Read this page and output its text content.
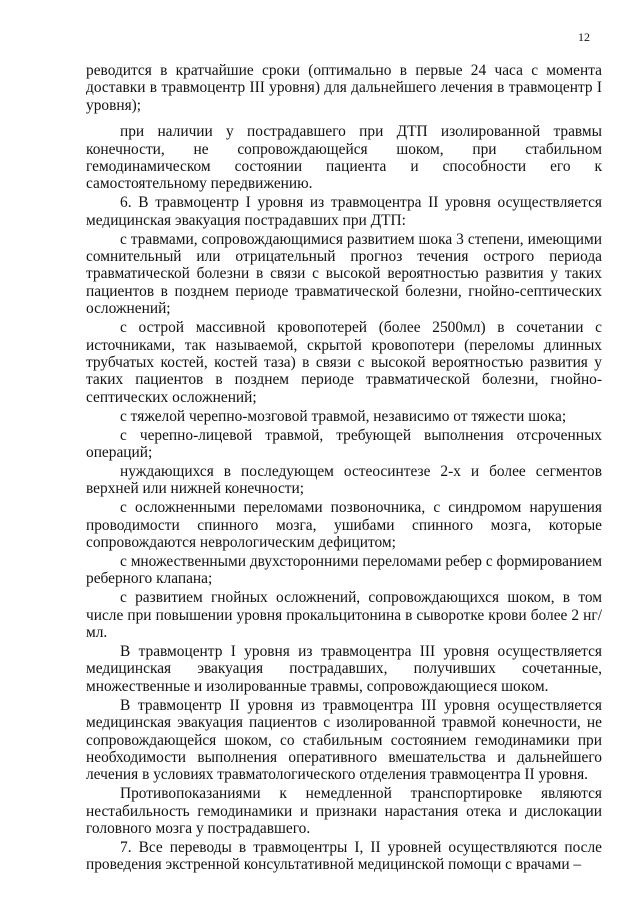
12

реводится в кратчайшие сроки (оптимально в первые 24 часа с момента доставки в травмоцентр III уровня) для дальнейшего лечения в травмоцентр I уровня);

при наличии у пострадавшего при ДТП изолированной травмы конечности, не сопровождающейся шоком, при стабильном гемодинамическом состоянии пациента и способности его к самостоятельному передвижению.

6. В травмоцентр I уровня из травмоцентра II уровня осуществляется медицинская эвакуация пострадавших при ДТП:

с травмами, сопровождающимися развитием шока 3 степени, имеющими сомнительный или отрицательный прогноз течения острого периода травматической болезни в связи с высокой вероятностью развития у таких пациентов в позднем периоде травматической болезни, гнойно-септических осложнений;

с острой массивной кровопотерей (более 2500мл) в сочетании с источниками, так называемой, скрытой кровопотери (переломы длинных трубчатых костей, костей таза) в связи с высокой вероятностью развития у таких пациентов в позднем периоде травматической болезни, гнойно-септических осложнений;

с тяжелой черепно-мозговой травмой, независимо от тяжести шока;

с черепно-лицевой травмой, требующей выполнения отсроченных операций;

нуждающихся в последующем остеосинтезе 2-х и более сегментов верхней или нижней конечности;

с осложненными переломами позвоночника, с синдромом нарушения проводимости спинного мозга, ушибами спинного мозга, которые сопровождаются неврологическим дефицитом;

с множественными двухсторонними переломами ребер с формированием реберного клапана;

с развитием гнойных осложнений, сопровождающихся шоком, в том числе при повышении уровня прокальцитонина в сыворотке крови более 2 нг/мл.

В травмоцентр I уровня из травмоцентра III уровня осуществляется медицинская эвакуация пострадавших, получивших сочетанные, множественные и изолированные травмы, сопровождающиеся шоком.

В травмоцентр II уровня из травмоцентра III уровня осуществляется медицинская эвакуация пациентов с изолированной травмой конечности, не сопровождающейся шоком, со стабильным состоянием гемодинамики при необходимости выполнения оперативного вмешательства и дальнейшего лечения в условиях травматологического отделения травмоцентра II уровня.

Противопоказаниями к немедленной транспортировке являются нестабильность гемодинамики и признаки нарастания отека и дислокации головного мозга у пострадавшего.

7. Все переводы в травмоцентры I, II уровней осуществляются после проведения экстренной консультативной медицинской помощи с врачами –
